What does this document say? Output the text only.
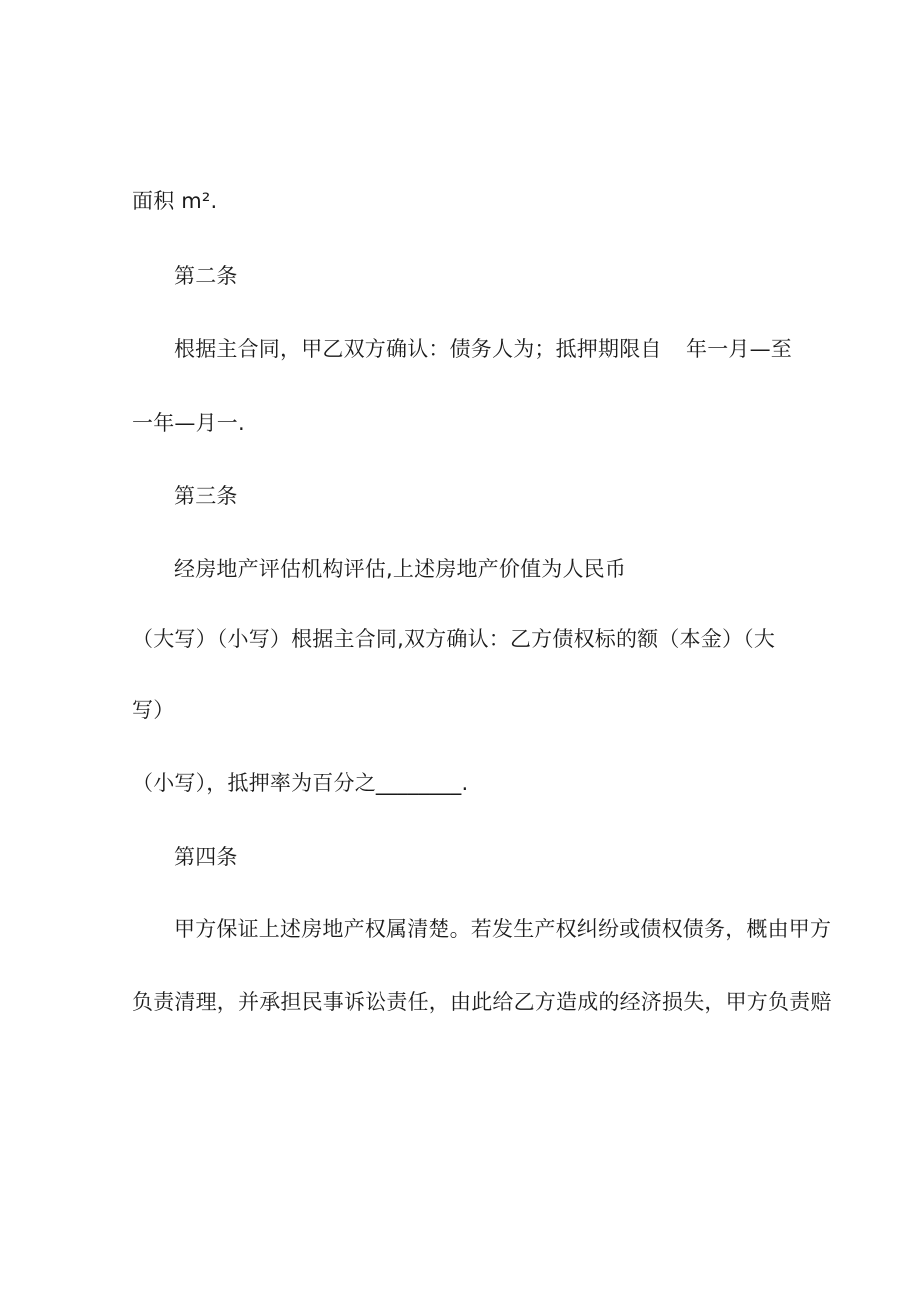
面积 m².
第二条
根据主合同，甲乙双方确认：债务人为；抵押期限自 年一月—至
一年—月一.
第三条
经房地产评估机构评估,上述房地产价值为人民币
（大写）（小写）根据主合同,双方确认：乙方债权标的额（本金）（大
写）
（小写），抵押率为百分之________.
第四条
甲方保证上述房地产权属清楚。若发生产权纠纷或债权债务，概由甲方
负责清理，并承担民事诉讼责任，由此给乙方造成的经济损失，甲方负责赔
